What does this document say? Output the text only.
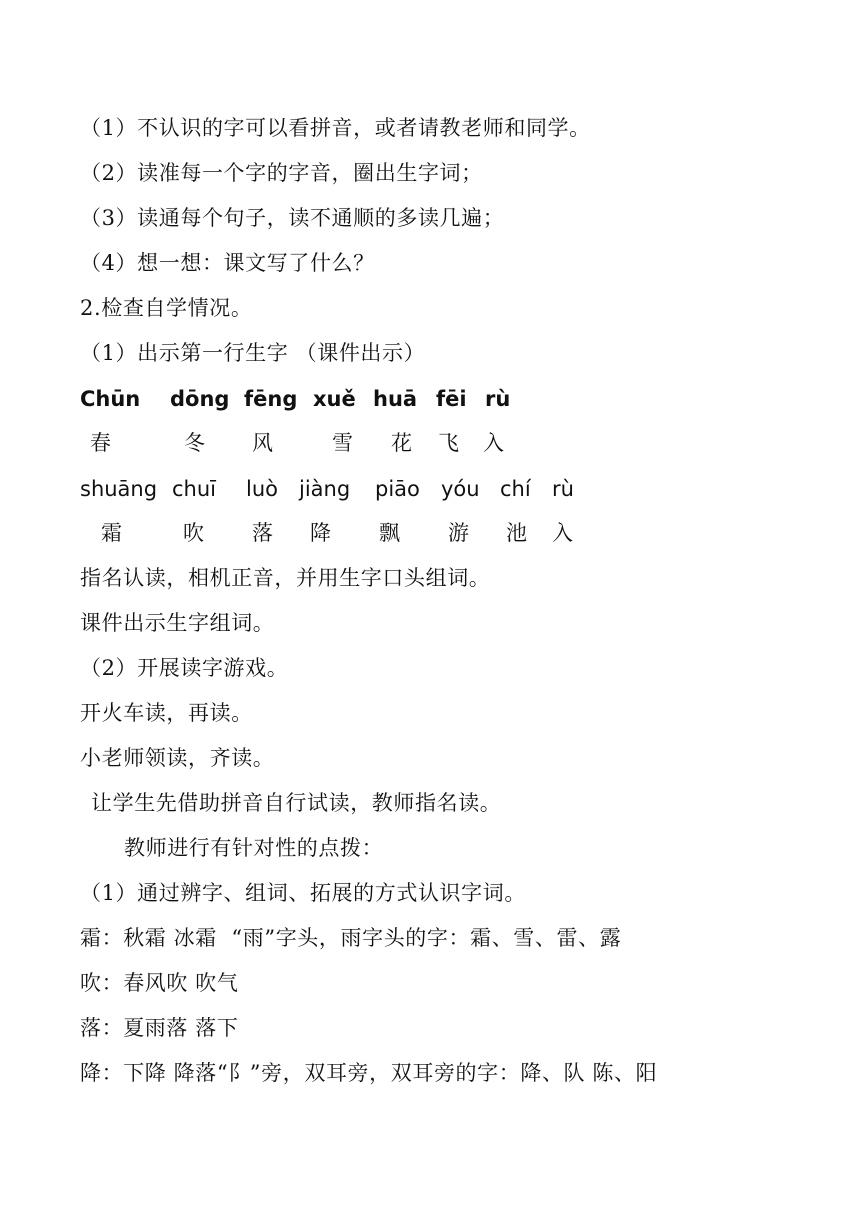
（1）不认识的字可以看拼音，或者请教老师和同学。
（2）读准每一个字的字音，圈出生字词；
（3）读通每个句子，读不通顺的多读几遍；
（4）想一想：课文写了什么？
2.检查自学情况。
（1）出示第一行生字 （课件出示）
Chūn dōng fēng xuě huā fēi rù
春	冬 风	雪 花 飞 入
shuāng chuī luò jiàng piāo yóu chí rù
霜	吹 落 降 飘 游 池 入
指名认读，相机正音，并用生字口头组词。
课件出示生字组词。
（2）开展读字游戏。
开火车读，再读。
小老师领读，齐读。
让学生先借助拼音自行试读，教师指名读。
教师进行有针对性的点拨：
（1）通过辨字、组词、拓展的方式认识字词。
霜：秋霜 冰霜  “雨”字头，雨字头的字：霜、雪、雷、露
吹：春风吹 吹气
落：夏雨落 落下
降：下降 降落“阝”旁，双耳旁，双耳旁的字：降、队 陈、阳
